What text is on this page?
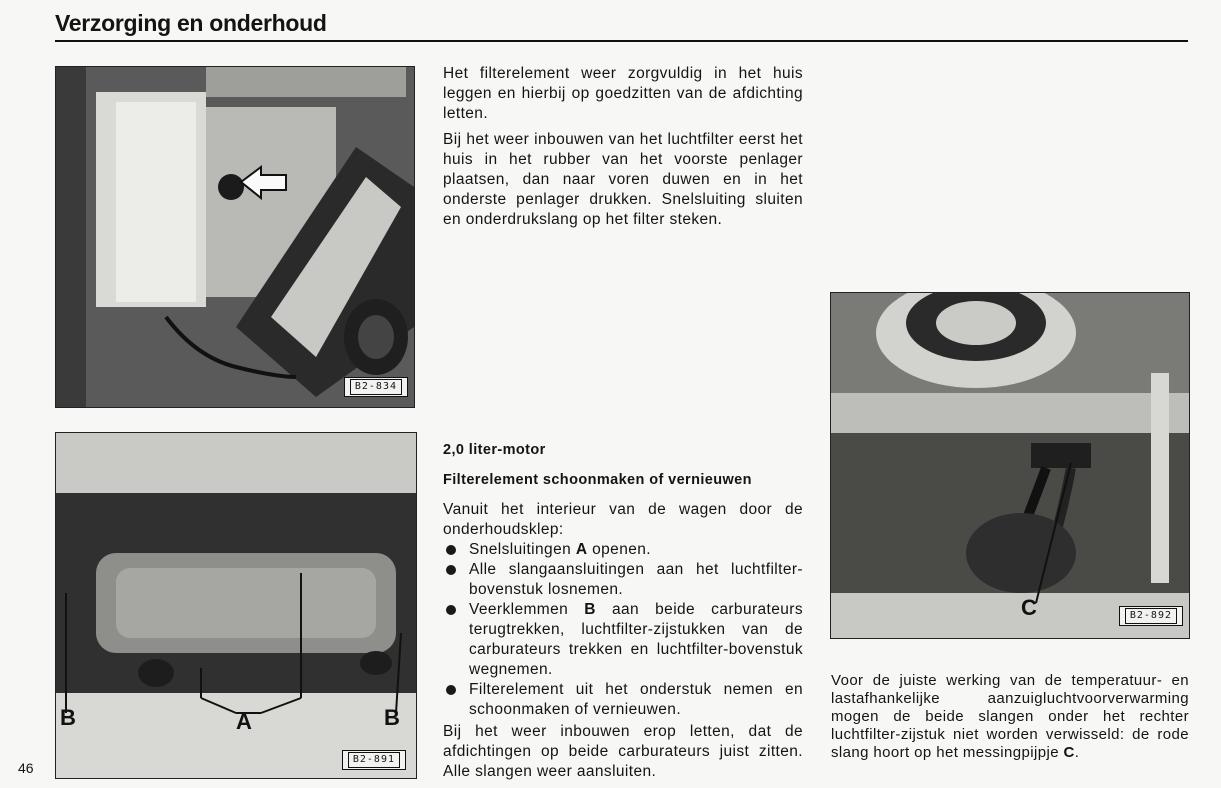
Verzorging en onderhoud
B2-834
B	A	B
B2-891
C	B2-892

Het filterelement weer zorgvuldig in het huis leggen en hierbij op goedzitten van de afdichting letten.

Bij het weer inbouwen van het luchtfilter eerst het huis in het rubber van het voorste penlager plaatsen, dan naar voren duwen en in het onderste penlager drukken. Snelsluiting sluiten en onderdrukslang op het filter steken.

2,0 liter-motor

Filterelement schoonmaken of vernieuwen

Vanuit het interieur van de wagen door de onderhoudsklep:

Snelsluitingen A openen.
Alle slangaansluitingen aan het luchtfilter-bovenstuk losnemen.
Veerklemmen B aan beide carburateurs terugtrekken, luchtfilter-zijstukken van de carburateurs trekken en luchtfilter-bovenstuk wegnemen.
Filterelement uit het onderstuk nemen en schoonmaken of vernieuwen.

Bij het weer inbouwen erop letten, dat de afdichtingen op beide carburateurs juist zitten. Alle slangen weer aansluiten.

Voor de juiste werking van de temperatuur- en lastafhankelijke aanzuigluchtvoorverwarming mogen de beide slangen onder het rechter luchtfilter-zijstuk niet worden verwisseld: de rode slang hoort op het messingpijpje C.

46
